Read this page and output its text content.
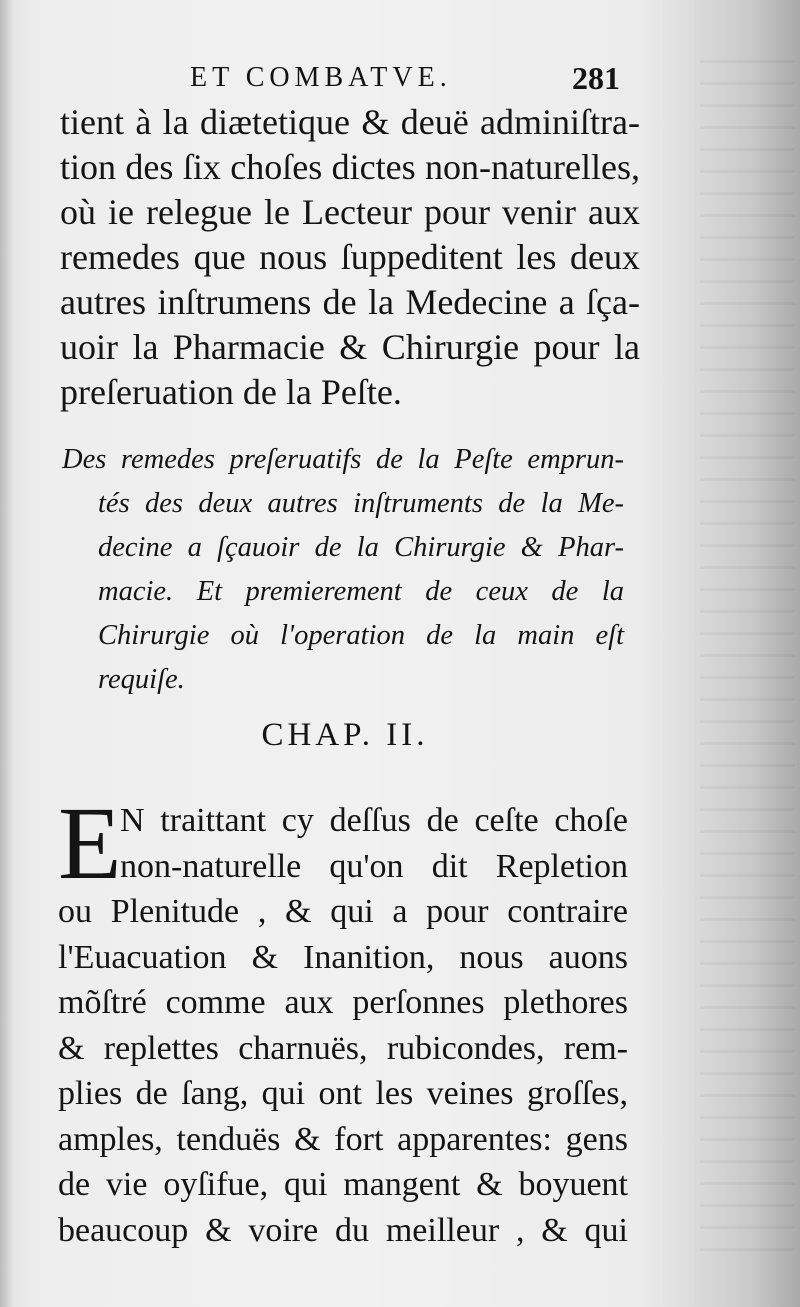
ET COMBATVE.	281
tient à la diætetique & deuë adminiſtra-
tion des ſix choſes dictes non-naturelles,
où ie relegue le Lecteur pour venir aux
remedes que nous ſuppeditent les deux
autres inſtrumens de la Medecine a ſça-
uoir la Pharmacie & Chirurgie pour la
preſeruation de la Peſte.
Des remedes preſeruatifs de la Peſte emprun-
tés des deux autres inſtruments de la Me-
decine a ſçauoir de la Chirurgie & Phar-
macie. Et premierement de ceux de la
Chirurgie où l'operation de la main eſt
requiſe.
CHAP. II.
E
N traittant cy deſſus de ceſte choſe
non-naturelle qu'on dit Repletion
ou Plenitude , & qui a pour contraire
l'Euacuation & Inanition, nous auons
mõſtré comme aux perſonnes plethores
& replettes charnuës, rubicondes, rem-
plies de ſang, qui ont les veines groſſes,
amples, tenduës & fort apparentes: gens
de vie oyſifue, qui mangent & boyuent
beaucoup & voire du meilleur , & qui
